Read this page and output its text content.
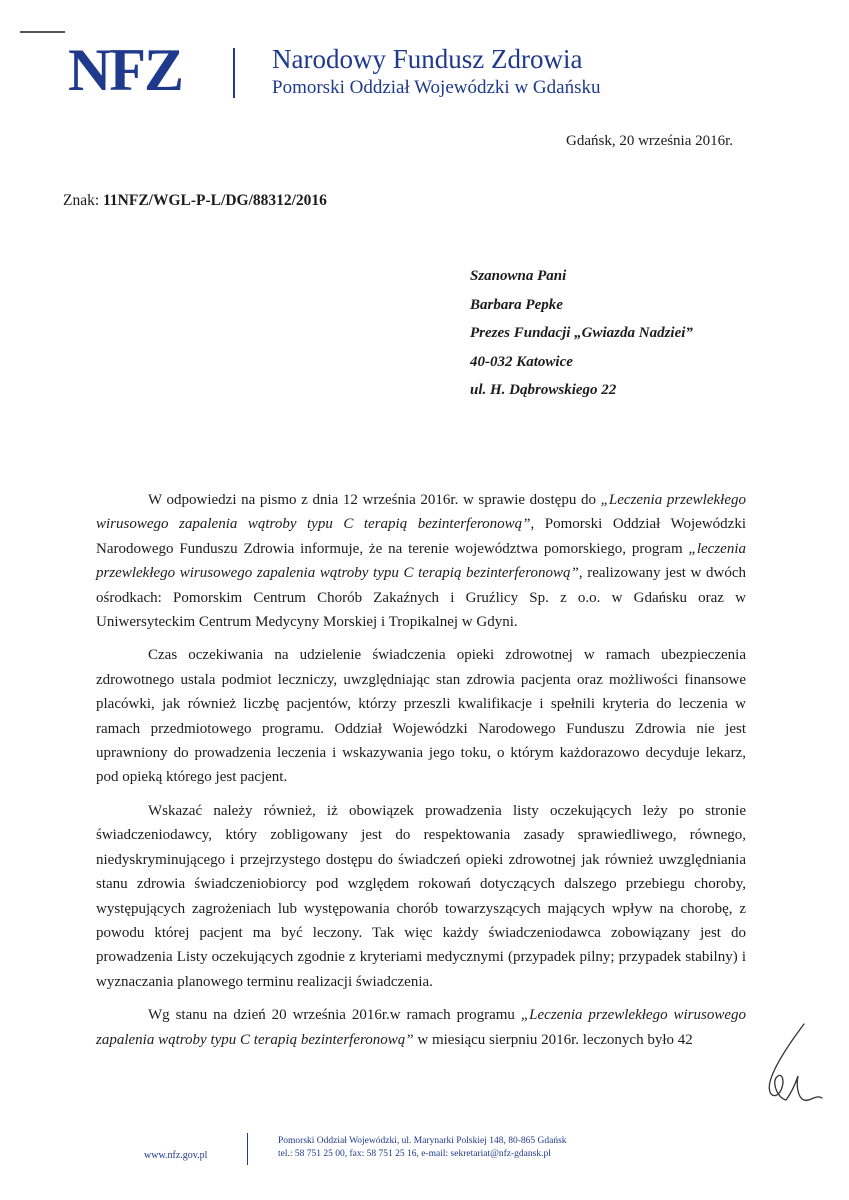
NFZ	Narodowy Fundusz Zdrowia
Pomorski Oddział Wojewódzki w Gdańsku
Gdańsk, 20 września 2016r.
Znak: 11NFZ/WGL-P-L/DG/88312/2016
Szanowna Pani
Barbara Pepke
Prezes Fundacji „Gwiazda Nadziei”
40-032 Katowice
ul. H. Dąbrowskiego 22

W odpowiedzi na pismo z dnia 12 września 2016r. w sprawie dostępu do „Leczenia przewlekłego wirusowego zapalenia wątroby typu C terapią bezinterferonową”, Pomorski Oddział Wojewódzki Narodowego Funduszu Zdrowia informuje, że na terenie województwa pomorskiego, program „leczenia przewlekłego wirusowego zapalenia wątroby typu C terapią bezinterferonową”, realizowany jest w dwóch ośrodkach: Pomorskim Centrum Chorób Zakaźnych i Gruźlicy Sp. z o.o. w Gdańsku oraz w Uniwersyteckim Centrum Medycyny Morskiej i Tropikalnej w Gdyni.

Czas oczekiwania na udzielenie świadczenia opieki zdrowotnej w ramach ubezpieczenia zdrowotnego ustala podmiot leczniczy, uwzględniając stan zdrowia pacjenta oraz możliwości finansowe placówki, jak również liczbę pacjentów, którzy przeszli kwalifikacje i spełnili kryteria do leczenia w ramach przedmiotowego programu. Oddział Wojewódzki Narodowego Funduszu Zdrowia nie jest uprawniony do prowadzenia leczenia i wskazywania jego toku, o którym każdorazowo decyduje lekarz, pod opieką którego jest pacjent.

Wskazać należy również, iż obowiązek prowadzenia listy oczekujących leży po stronie świadczeniodawcy, który zobligowany jest do respektowania zasady sprawiedliwego, równego, niedyskryminującego i przejrzystego dostępu do świadczeń opieki zdrowotnej jak również uwzględniania stanu zdrowia świadczeniobiorcy pod względem rokowań dotyczących dalszego przebiegu choroby, występujących zagrożeniach lub występowania chorób towarzyszących mających wpływ na chorobę, z powodu której pacjent ma być leczony. Tak więc każdy świadczeniodawca zobowiązany jest do prowadzenia Listy oczekujących zgodnie z kryteriami medycznymi (przypadek pilny; przypadek stabilny) i wyznaczania planowego terminu realizacji świadczenia.

Wg stanu na dzień 20 września 2016r.w ramach programu „Leczenia przewlekłego wirusowego zapalenia wątroby typu C terapią bezinterferonową” w miesiącu sierpniu 2016r. leczonych było 42

www.nfz.gov.pl
Pomorski Oddział Wojewódzki, ul. Marynarki Polskiej 148, 80-865 Gdańsk
tel.: 58 751 25 00, fax: 58 751 25 16, e-mail: sekretariat@nfz-gdansk.pl
